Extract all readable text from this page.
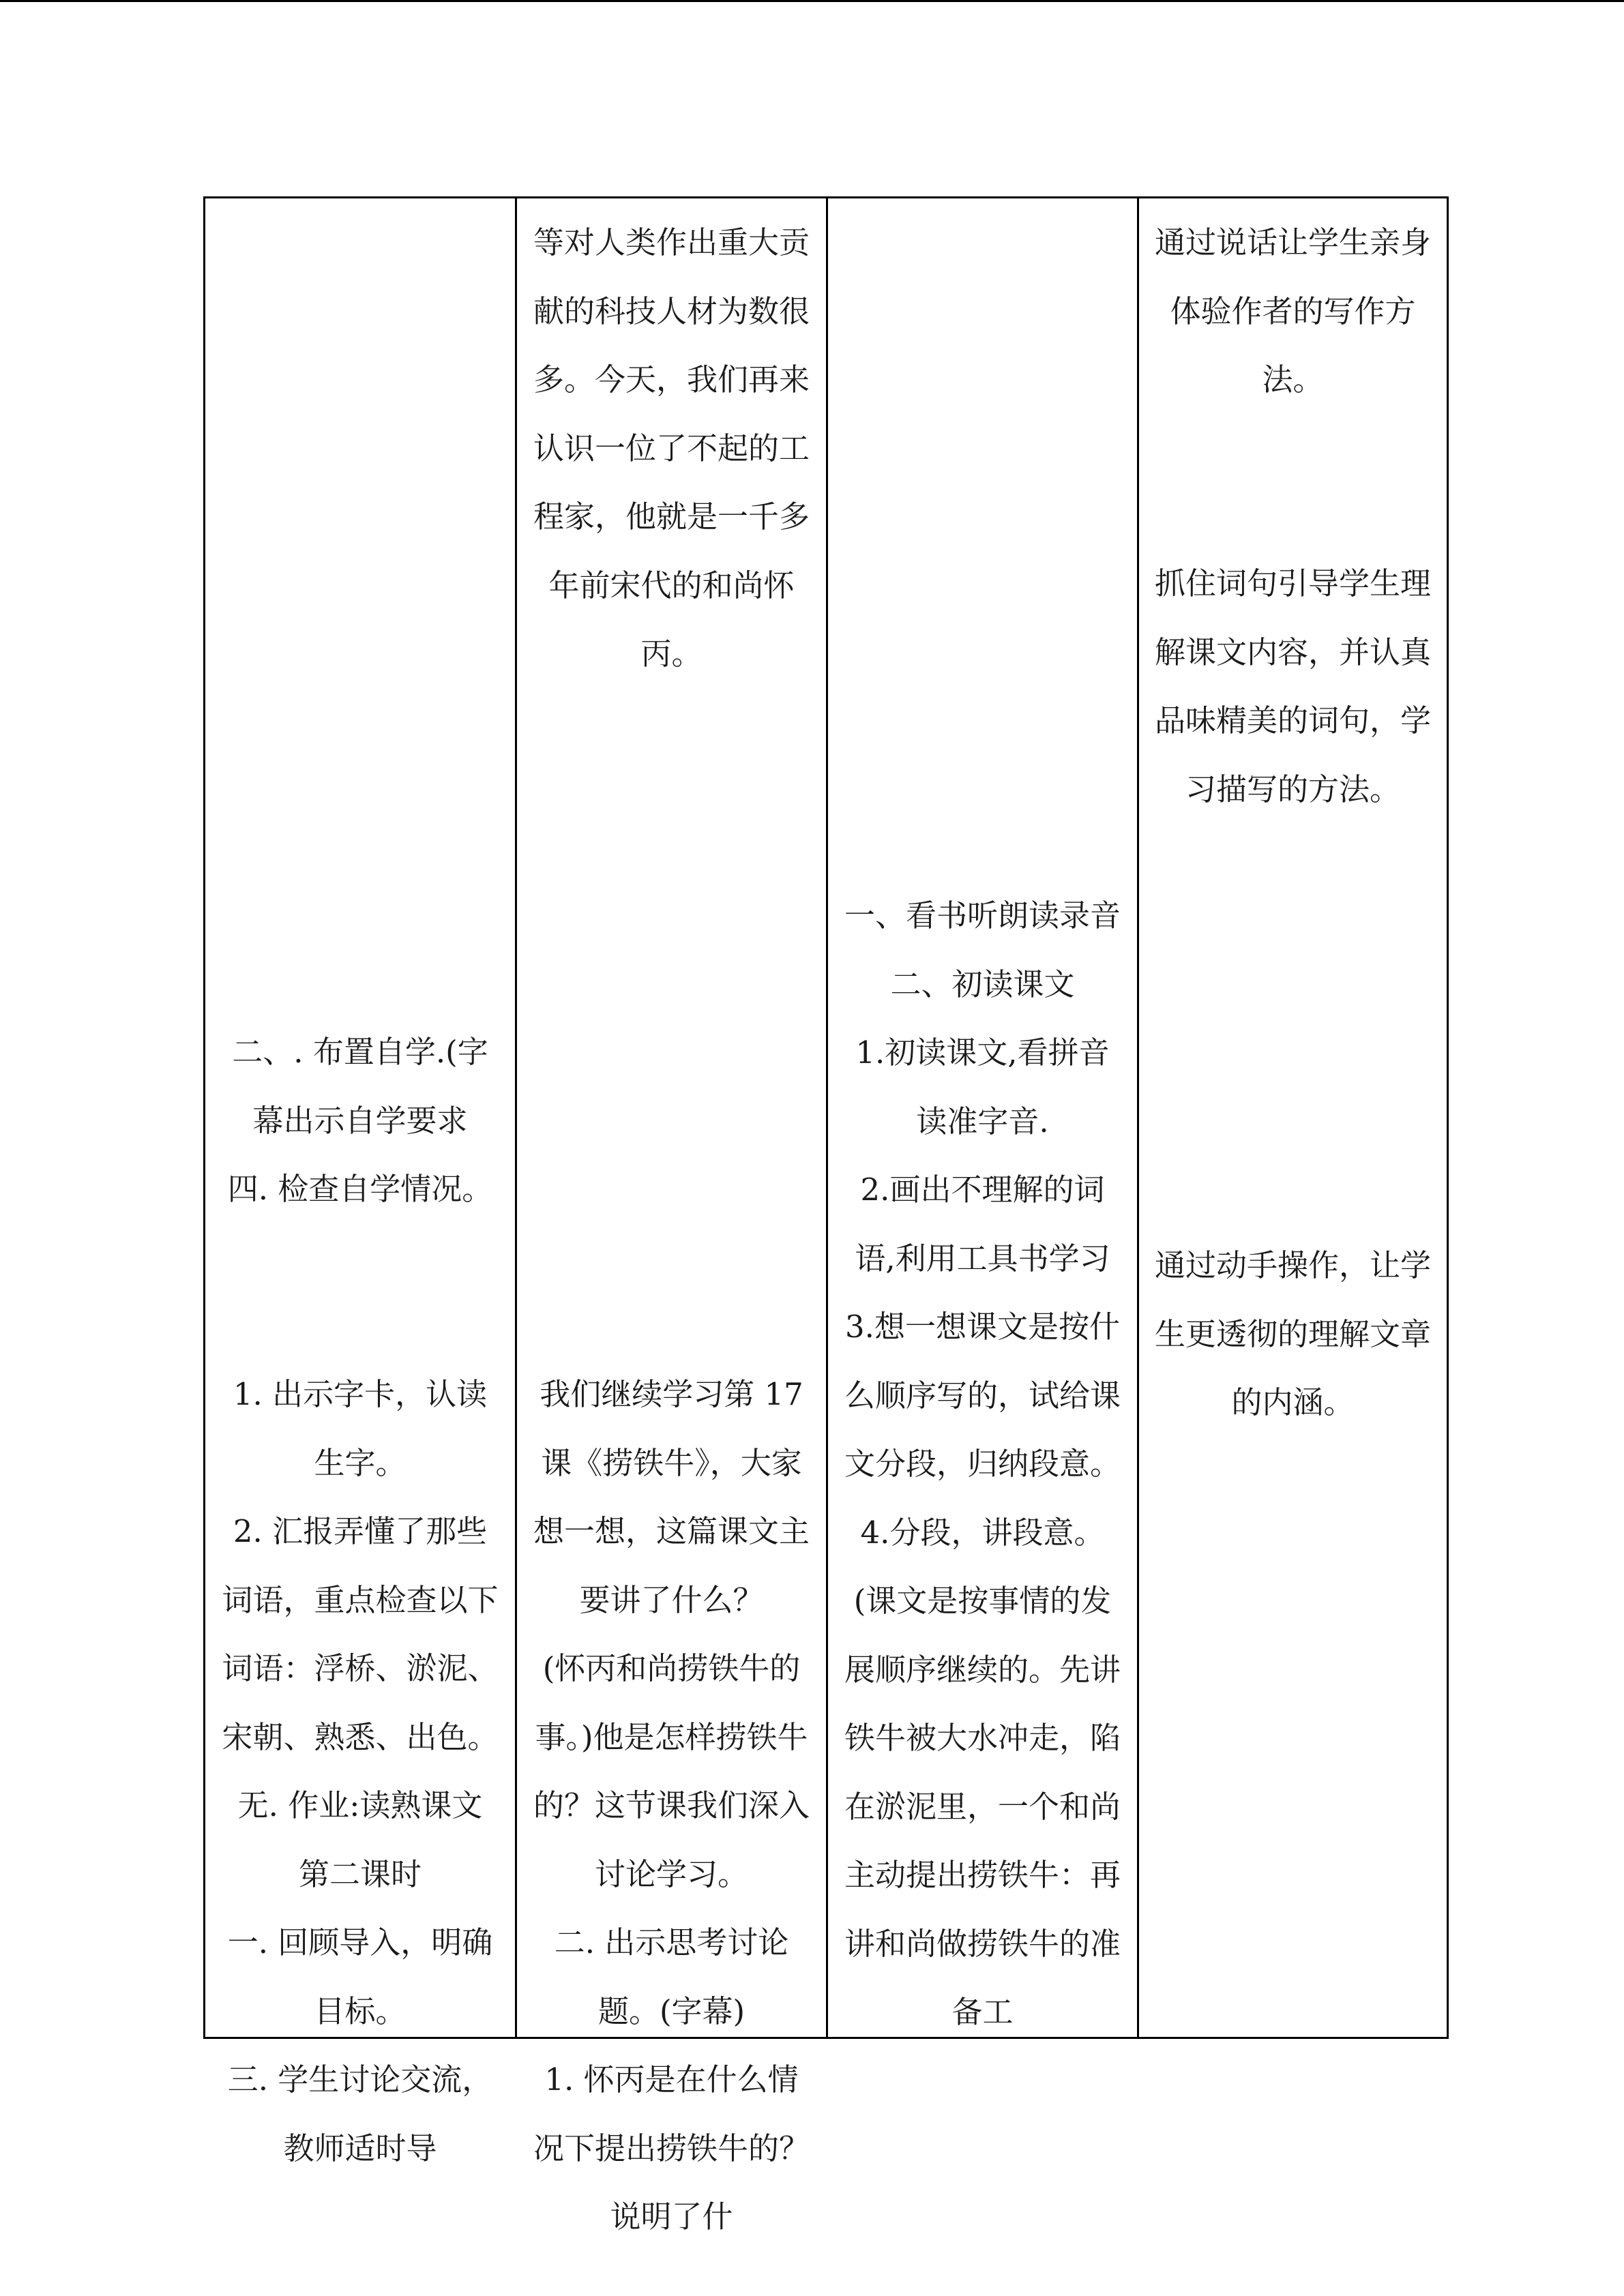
二、. 布置自学.(字幕出示自学要求
四. 检查自学情况。

1. 出示字卡，认读生字。
2. 汇报弄懂了那些词语，重点检查以下词语：浮桥、淤泥、宋朝、熟悉、出色。
无. 作业:读熟课文
第二课时
一. 回顾导入，明确目标。
三. 学生讨论交流，教师适时导

等对人类作出重大贡献的科技人材为数很多。今天，我们再来认识一位了不起的工程家，他就是一千多年前宋代的和尚怀丙。

我们继续学习第 17 课《捞铁牛》，大家想一想，这篇课文主要讲了什么？
(怀丙和尚捞铁牛的事。)他是怎样捞铁牛的？这节课我们深入讨论学习。
二. 出示思考讨论题。(字幕)
1. 怀丙是在什么情况下提出捞铁牛的？说明了什

一、看书听朗读录音
二、初读课文
1.初读课文,看拼音读准字音.
2.画出不理解的词语,利用工具书学习
3.想一想课文是按什么顺序写的，试给课文分段，归纳段意。
4.分段，讲段意。
(课文是按事情的发展顺序继续的。先讲铁牛被大水冲走，陷在淤泥里，一个和尚主动提出捞铁牛：再讲和尚做捞铁牛的准备工

通过说话让学生亲身体验作者的写作方法。

抓住词句引导学生理解课文内容，并认真品味精美的词句，学习描写的方法。

通过动手操作，让学生更透彻的理解文章的内涵。
